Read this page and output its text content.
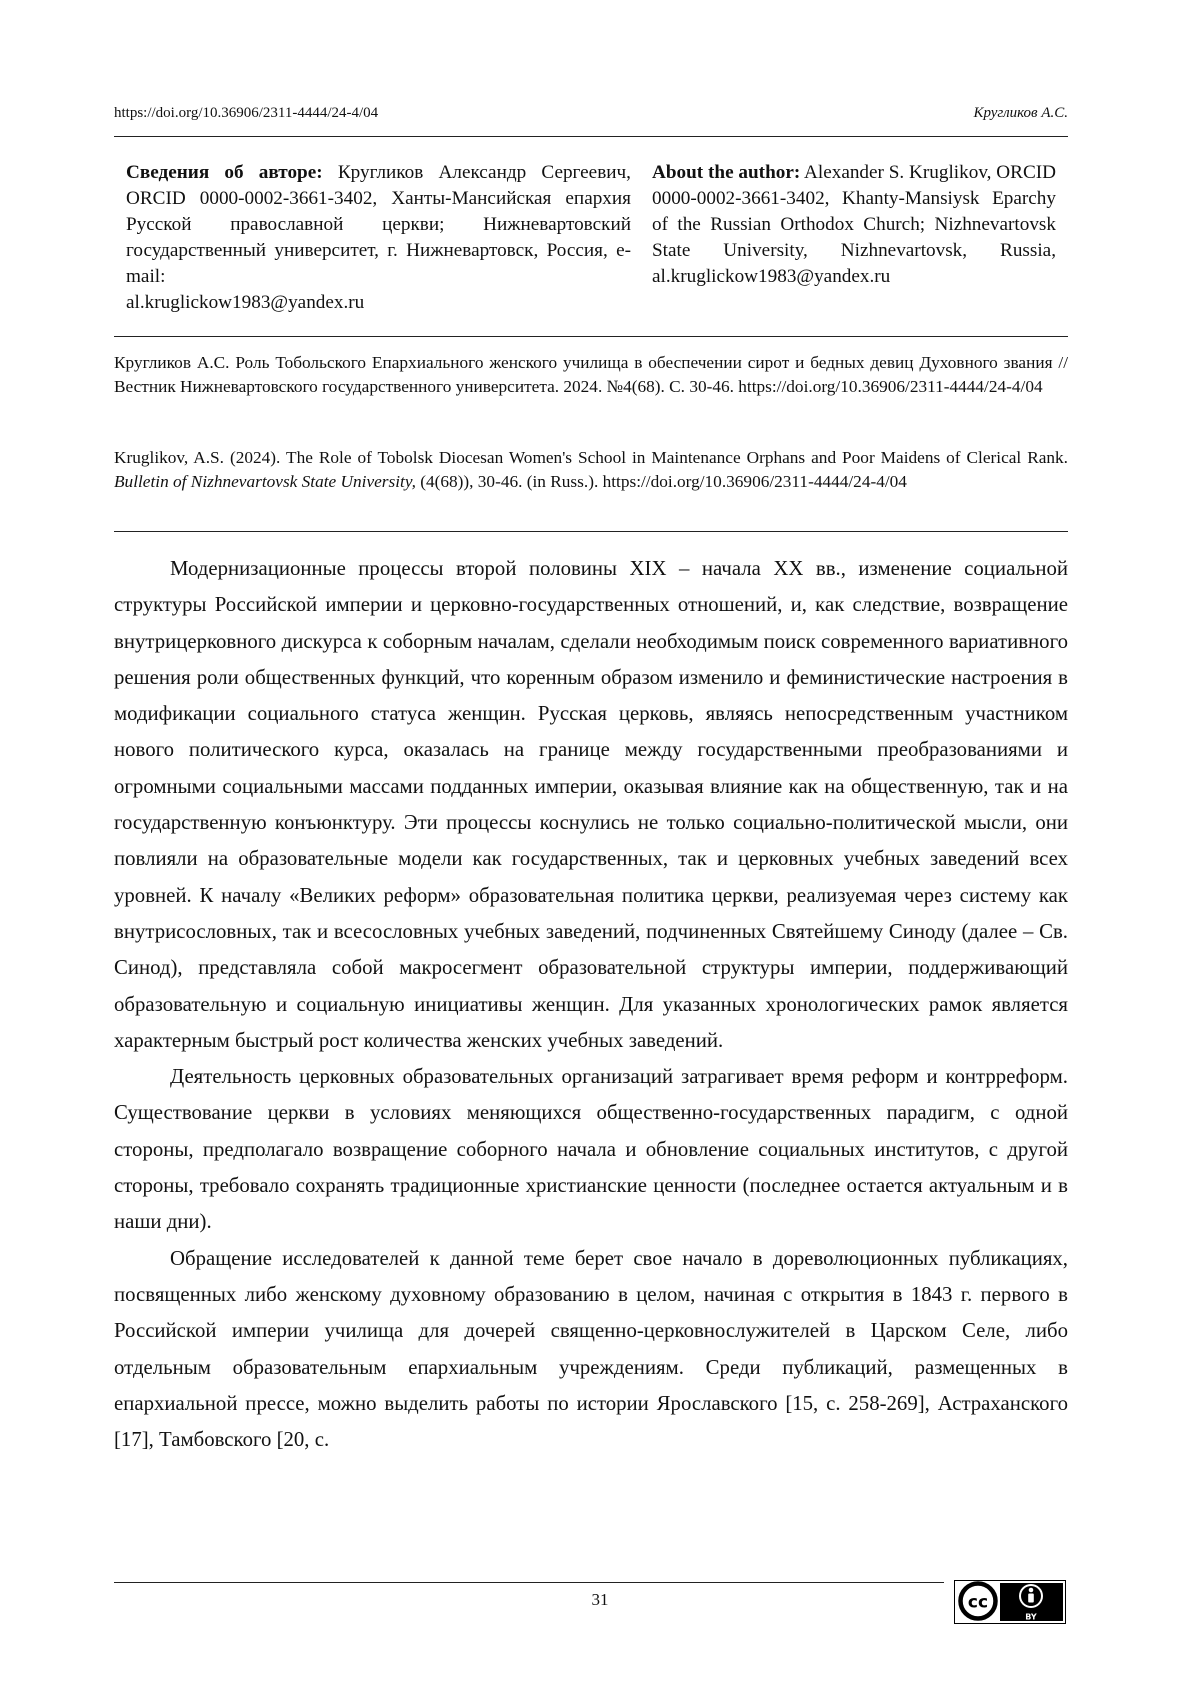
https://doi.org/10.36906/2311-4444/24-4/04	Кругликов А.С.
Сведения об авторе: Кругликов Александр Сергеевич, ORCID 0000-0002-3661-3402, Ханты-Мансийская епархия Русской православной церкви; Нижневартовский государственный университет, г. Нижневартовск, Россия, e-mail:
al.kruglickow1983@yandex.ru
About the author: Alexander S. Kruglikov, ORCID 0000-0002-3661-3402, Khanty-Mansiysk Eparchy of the Russian Orthodox Church; Nizhnevartovsk State University, Nizhnevartovsk, Russia,
al.kruglickow1983@yandex.ru
Кругликов А.С. Роль Тобольского Епархиального женского училища в обеспечении сирот и бедных девиц Духовного звания // Вестник Нижневартовского государственного университета. 2024. №4(68). С. 30-46. https://doi.org/10.36906/2311-4444/24-4/04
Kruglikov, A.S. (2024). The Role of Tobolsk Diocesan Women's School in Maintenance Orphans and Poor Maidens of Clerical Rank. Bulletin of Nizhnevartovsk State University, (4(68)), 30-46. (in Russ.). https://doi.org/10.36906/2311-4444/24-4/04

Модернизационные процессы второй половины XIX – начала XX вв., изменение социальной структуры Российской империи и церковно-государственных отношений, и, как следствие, возвращение внутрицерковного дискурса к соборным началам, сделали необходимым поиск современного вариативного решения роли общественных функций, что коренным образом изменило и феминистические настроения в модификации социального статуса женщин. Русская церковь, являясь непосредственным участником нового политического курса, оказалась на границе между государственными преобразованиями и огромными социальными массами подданных империи, оказывая влияние как на общественную, так и на государственную конъюнктуру. Эти процессы коснулись не только социально-политической мысли, они повлияли на образовательные модели как государственных, так и церковных учебных заведений всех уровней. К началу «Великих реформ» образовательная политика церкви, реализуемая через систему как внутрисословных, так и всесословных учебных заведений, подчиненных Святейшему Синоду (далее – Св. Синод), представляла собой макросегмент образовательной структуры империи, поддерживающий образовательную и социальную инициативы женщин. Для указанных хронологических рамок является характерным быстрый рост количества женских учебных заведений.

Деятельность церковных образовательных организаций затрагивает время реформ и контрреформ. Существование церкви в условиях меняющихся общественно-государственных парадигм, с одной стороны, предполагало возвращение соборного начала и обновление социальных институтов, с другой стороны, требовало сохранять традиционные христианские ценности (последнее остается актуальным и в наши дни).

Обращение исследователей к данной теме берет свое начало в дореволюционных публикациях, посвященных либо женскому духовному образованию в целом, начиная с открытия в 1843 г. первого в Российской империи училища для дочерей священно-церковнослужителей в Царском Селе, либо отдельным образовательным епархиальным учреждениям. Среди публикаций, размещенных в епархиальной прессе, можно выделить работы по истории Ярославского [15, с. 258-269], Астраханского [17], Тамбовского [20, с.

31	cc
BY
